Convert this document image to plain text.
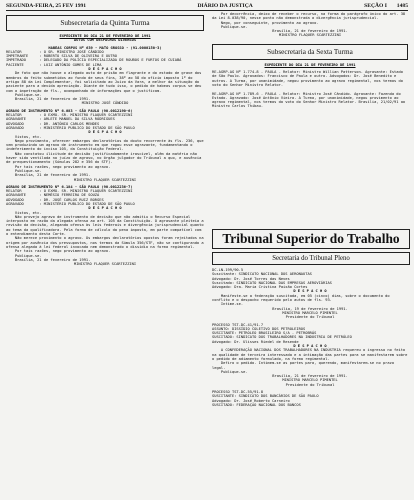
SEGUNDA-FEIRA, 25 FEV 1991	DIÁRIO DA JUSTIÇA	SEÇÃO I 1485
Subsecretaria da Quinta Turma
EXPEDIENTE DO DIA 21 DE FEVEREIRO DE 1991
AUTOS COM DESPACHOS DIVERSOS
HABEAS CORPUS Nº 639 - MATO GROSSO - (91.0000150-3)
RELATOR        : O SR. MINISTRO JOSÉ CÂNDIDO
IMPETRANTE     : ROBERTO SILVA DE OLIVEIRA E OUTRO
IMPETRADO      : DELEGADO DA POLÍCIA ESPECIALIZADA DE ROUBOS E FURTOS DE CUIABÁ
PACIENTE       : LUIZ ANTÔNIO GOMES DE LIMA
D E S P A C H O
De fato que não houve o alegado auto de prisão em flagrante e do estado de grave dos membros do feito submetidos ao fundo de seus fins, 38º ao 58 do ofício imposto 1º do artigo 88 da Lei Complementar, foi solicitado ao Juízo da Vara, a melhor da situação do paciente para a devida apreciação. Diante de tudo isso, o pedido de habeas corpus se deu com a impetração de fls., acompanhado de informações que o justificam.
Publique-se.
Brasília, 21 de fevereiro de 1991.
MINISTRO JOSÉ CÂNDIDO
AGRAVO DE INSTRUMENTO Nº 6.083 - SÃO PAULO (90.0012190-6)
RELATOR        : O EXMO. SR. MINISTRO FLAQUER SCARTEZZINI
AGRAVANTE      : ARLETE MANUEL DA SILVA RODRIGUES
ADVOGADO       : DR. ANTÔNIO CARLOS MENDES
AGRAVADO       : MINISTÉRIO PÚBLICO DO ESTADO DE SÃO PAULO
D E S P A C H O
Vistos, etc.
Nego provimento, oferecer embargos declaratórios do douto recorrente às fls. 236, que vem produzindo um agravo de instrumento em que rogou esse agravante, fundamentando o indeferimento do inciso 105, da Constituição Federal.
Não constatou ilicitude de decisão justificadamente irascível, além da matéria não haver sido ventilada no juízo de agravo, no órgão julgador do Tribunal a quo, e ausência de prequestionamento (Súmulas 282 e 356 do STF).
Por tais razões, nego provimento ao agravo.
Publique-se.
Brasília, 21 de fevereiro de 1991.
MINISTRO FLAQUER SCARTEZZINI
AGRAVO DE INSTRUMENTO Nº 6.184 - SÃO PAULO (90.0012236-7)
RELATOR        : O EXMO. SR. MINISTRO FLAQUER SCARTEZZINI
AGRAVANTE      : NEMÉSIO FERREIRA DE SOUZA
ADVOGADO       : DR. JOSÉ CARLOS RUIZ BORGES
AGRAVADO       : MINISTÉRIO PÚBLICO DO ESTADO DE SÃO PAULO
D E S P A C H O
Vistos, etc.
Não provejo agravo de instrumento de decisão que não admitiu o Recurso Especial interposto em razão da alegada ofensa ao art. 105 da Constituição. O agravante pleiteia a revisão da decisão, alegando ofensa às leis federais e divergência jurisprudencial quanto ao tema da qualificadora. Pela forma de cálculo da pena imposta, em parte compatível com o entendimento desta Corte.
Não merece provimento o agravo. Os embargos declaratórios opostos foram rejeitados na origem por ausência dos pressupostos, nos termos da Súmula 356/STF, não se configurando a ofensa alegada à lei federal invocada nem demonstrado o dissídio na forma regimental.
Por tais razões, nego provimento ao agravo.
Publique-se.
Brasília, 21 de fevereiro de 1991.
MINISTRO FLAQUER SCARTEZZINI
Por decorrência, deixo de receber o recurso, na forma do parágrafo único do art. 38 da Lei 8.038/90, nesse ponto não demonstrada a divergência jurisprudencial.
Nego, por conseguinte, provimento ao agravo.
Publique-se.
Brasília, 21 de fevereiro de 1991.
MINISTRO FLAQUER SCARTEZZINI
Subsecretaria da Sexta Turma
EXPEDIENTE DO DIA 21 DE FEVEREIRO DE 1991
RE-AGRP-AG Nº 1.774-8 - PAULA - Relator: Ministro Willian Patterson. Agravante: Estado de São Paulo. Agravados: Francisco de Paula e outro. Advogados: Dr. José Benedito e outros. A Turma, por unanimidade, negou provimento ao agravo regimental, nos termos do voto do Senhor Ministro Relator.

RE-AGRP-AG Nº 1.789-6 - PAULA - Relator: Ministro José Cândido. Agravante: Fazenda do Estado. Agravado: José Antônio Vieira. A Turma, por unanimidade, negou provimento ao agravo regimental, nos termos do voto do Senhor Ministro Relator. Brasília, 21/02/91 ao Ministro Carlos Thibau.
Tribunal Superior do Trabalho
Secretaria do Tribunal Pleno
DC-LN-199/90.5
Suscitante: SINDICATO NACIONAL DOS AERONAUTAS
Advogado: Dr. José Torres das Neves
Suscitado: SINDICATO NACIONAL DAS EMPRESAS AEROVIÁRIAS
Advogado: Dra. Maria Cristina Paixão Cortes
D E S P A C H O
Manifeste-se a federação suscitada, em 05 (cinco) dias, sobre o documento do conflito e o despacho requerido pelo autos de fls. 93.
Intime-se.
Brasília, 19 de fevereiro de 1991.
MINISTRO MARCELO PIMENTEL
Presidente do Tribunal
PROCESSO TST-DC-41/91.7
ASSUNTO: DISSÍDIO COLETIVO DOS PETROLEIROS
SUSCITANTE: PETRÓLEO BRASILEIRO S/A - PETROBRÁS
SUSCITADO: SINDICATO DOS TRABALHADORES NA INDÚSTRIA DE PETRÓLEO
Advogado: Dr. Ulisses Riedel de Resende
D E S P A C H O
A CONFEDERAÇÃO NACIONAL DOS TRABALHADORES NA INDÚSTRIA requereu o ingresso no feito na qualidade de terceira interessada e a intimação das partes para se manifestarem sobre o pedido de adiamento formulado, na forma regimental.
Defiro o pedido. Intimem-se as partes para, querendo, manifestarem-se no prazo legal.
Publique-se.
Brasília, 21 de fevereiro de 1991.
MINISTRO MARCELO PIMENTEL
Presidente do Tribunal
PROCESSO TST-DC-55/91.8
SUSCITANTE: SINDICATO DOS BANCÁRIOS DE SÃO PAULO
Advogado: Dr. José Roberto Carneiro
SUSCITADO: FEDERAÇÃO NACIONAL DOS BANCOS
